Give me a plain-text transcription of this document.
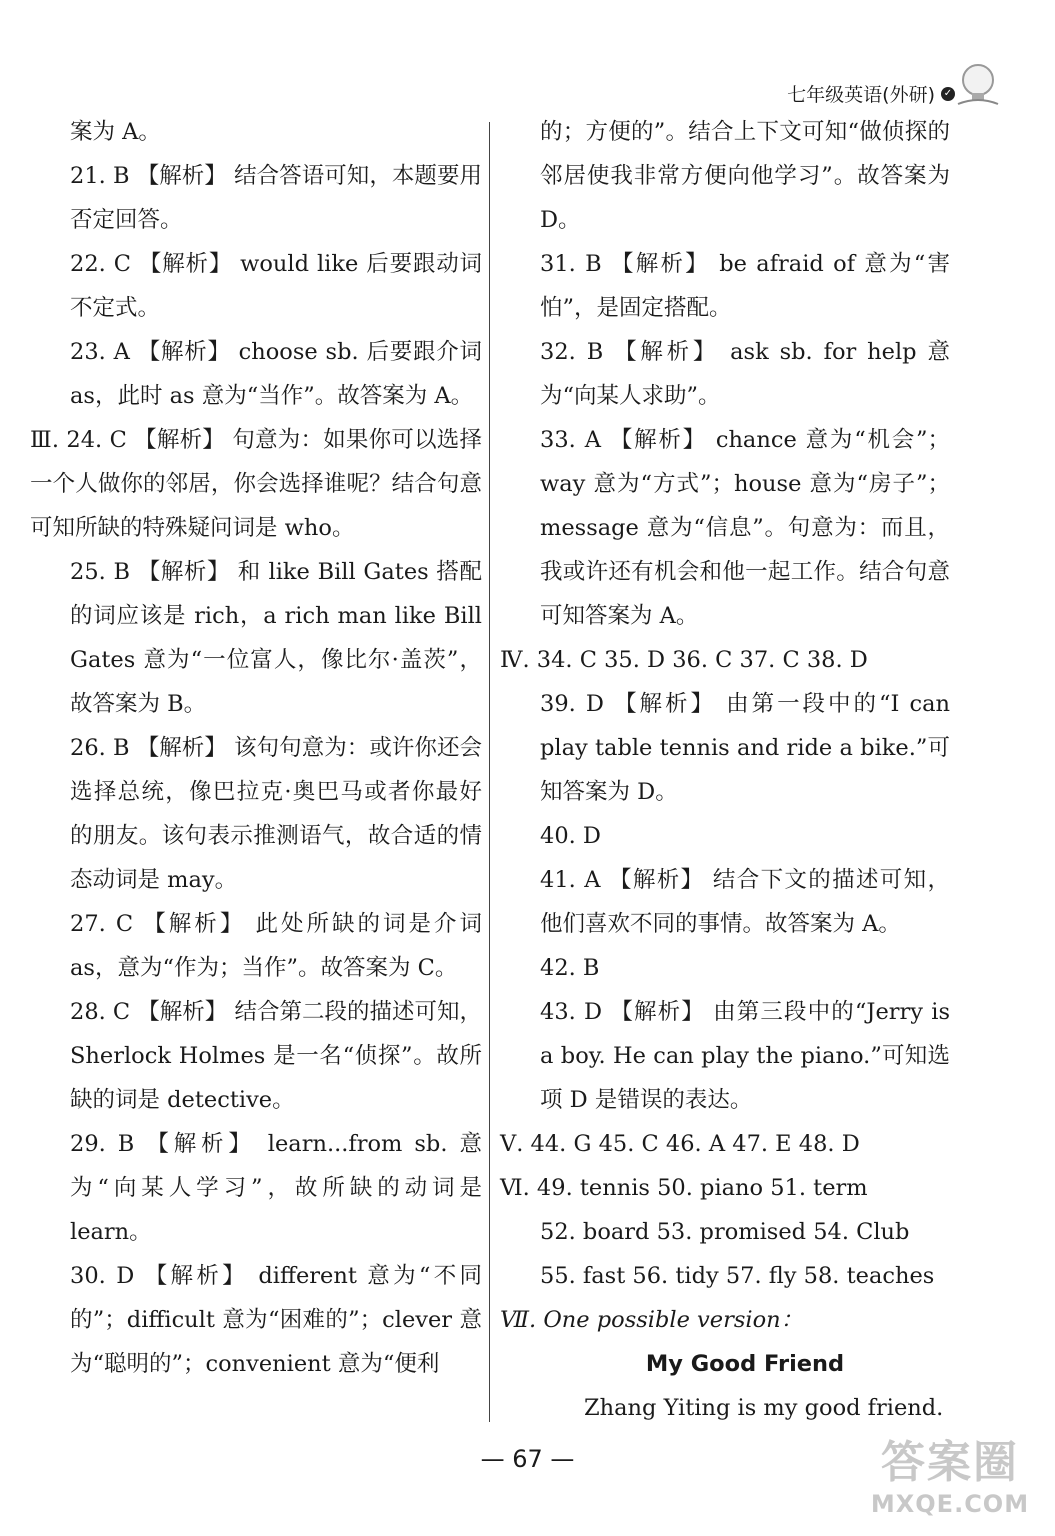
七年级英语(外研) ✓

案为 A。

21. B 【解析】 结合答语可知，本题要用否定回答。

22. C 【解析】 would like 后要跟动词不定式。

23. A 【解析】 choose sb. 后要跟介词 as，此时 as 意为“当作”。故答案为 A。

Ⅲ. 24. C 【解析】 句意为：如果你可以选择一个人做你的邻居，你会选择谁呢？结合句意可知所缺的特殊疑问词是 who。

25. B 【解析】 和 like Bill Gates 搭配的词应该是 rich，a rich man like Bill Gates 意为“一位富人，像比尔·盖茨”，故答案为 B。

26. B 【解析】 该句句意为：或许你还会选择总统，像巴拉克·奥巴马或者你最好的朋友。该句表示推测语气，故合适的情态动词是 may。

27. C 【解析】 此处所缺的词是介词 as，意为“作为；当作”。故答案为 C。

28. C 【解析】 结合第二段的描述可知，Sherlock Holmes 是一名“侦探”。故所缺的词是 detective。

29. B 【解析】 learn...from sb. 意为“向某人学习”，故所缺的动词是 learn。

30. D 【解析】 different 意为“不同的”；difficult 意为“困难的”；clever 意为“聪明的”；convenient 意为“便利

的；方便的”。结合上下文可知“做侦探的邻居使我非常方便向他学习”。故答案为 D。

31. B 【解析】 be afraid of 意为“害怕”，是固定搭配。

32. B 【解析】 ask sb. for help 意为“向某人求助”。

33. A 【解析】 chance 意为“机会”；way 意为“方式”；house 意为“房子”；message 意为“信息”。句意为：而且，我或许还有机会和他一起工作。结合句意可知答案为 A。

Ⅳ. 34. C 35. D 36. C 37. C 38. D

39. D 【解析】 由第一段中的“I can play table tennis and ride a bike.”可知答案为 D。

40. D

41. A 【解析】 结合下文的描述可知，他们喜欢不同的事情。故答案为 A。

42. B

43. D 【解析】 由第三段中的“Jerry is a boy. He can play the piano.”可知选项 D 是错误的表达。

Ⅴ. 44. G 45. C 46. A 47. E 48. D

Ⅵ. 49. tennis 50. piano 51. term

52. board 53. promised 54. Club

55. fast 56. tidy 57. fly 58. teaches

Ⅶ. One possible version：

My Good Friend

Zhang Yiting is my good friend.

— 67 —	答案圈
MXQE.COM
